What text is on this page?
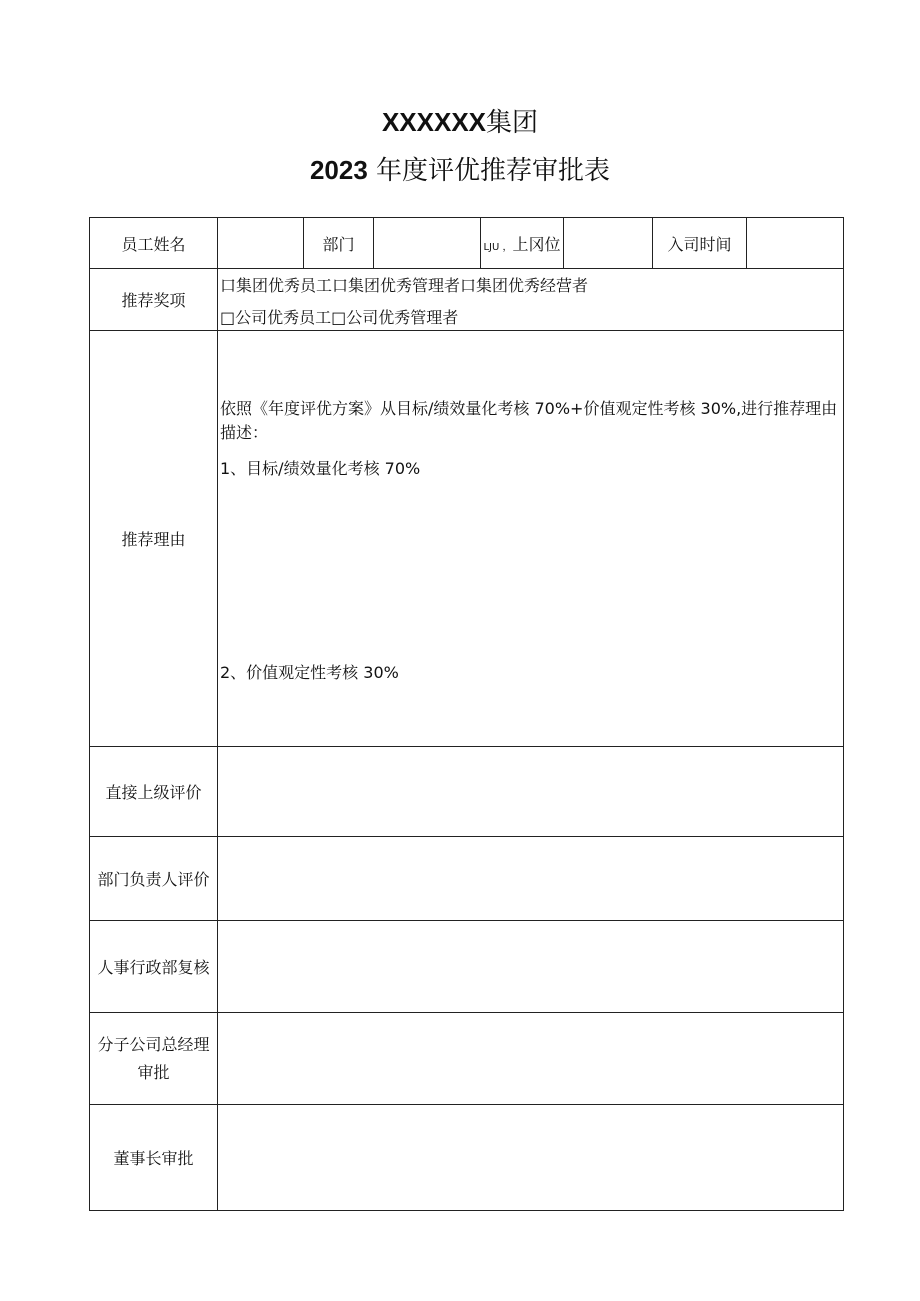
XXXXXX集团
2023 年度评优推荐审批表
员工姓名		部门		LJU ，上冈位		入司时间	
推荐奖项	口集团优秀员工口集团优秀管理者口集团优秀经营者
□公司优秀员工□公司优秀管理者						

推荐理由	依照《年度评优方案》从目标/绩效量化考核 70%+价值观定性考核 30%,进行推荐理由描述：
1、目标/绩效量化考核 70%
2、价值观定性考核 30%						

直接上级评价							
部门负责人评价							
人事行政部复核							

分子公司总经理
审批							

董事长审批							
